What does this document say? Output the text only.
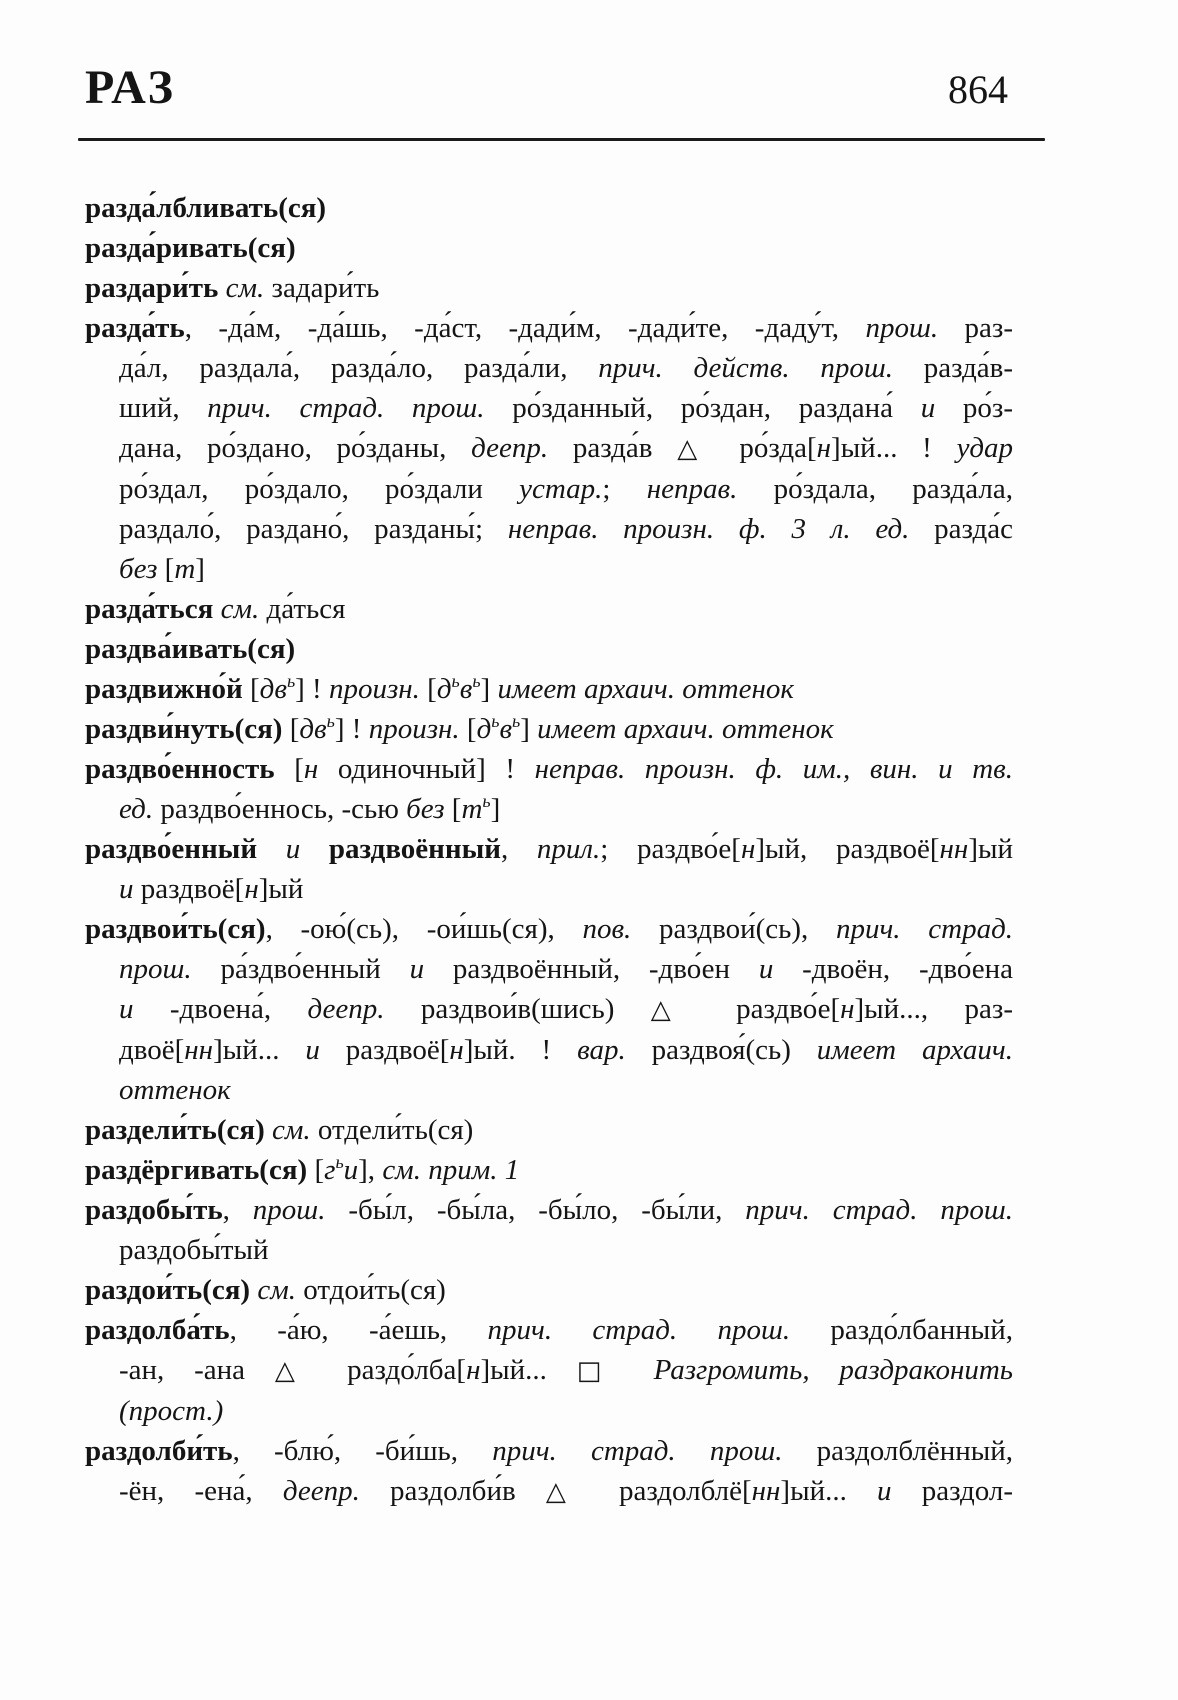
РАЗ	864
разда́лбливать(ся)
разда́ривать(ся)
раздари́ть см. задари́ть
разда́ть, -да́м, -да́шь, -да́ст, -дади́м, -дади́те, -даду́т, прош. раз-
да́л, раздала́, разда́ло, разда́ли, прич. действ. прош. разда́в-
ший, прич. страд. прош. ро́зданный, ро́здан, раздана́ и ро́з-
дана, ро́здано, ро́зданы, деепр. разда́в △ ро́зда[н]ый... ! удар
ро́здал, ро́здало, ро́здали устар.; неправ. ро́здала, разда́ла,
раздало́, раздано́, разданы́; неправ. произн. ф. 3 л. ед. разда́с
без [т]
разда́ться см. да́ться
раздва́ивать(ся)
раздвижно́й $[дв^ь]$ ! произн. $[д^ьв^ь]$ имеет архаич. оттенок
раздви́нуть(ся) $[дв^ь]$ ! произн. $[д^ьв^ь]$ имеет архаич. оттенок
раздво́енность [н одиночный] ! неправ. произн. ф. им., вин. и тв.
ед. раздво́еннось, -сью без $[т^ь]$
раздво́енный и раздвоённый, прил.; раздво́е[н]ый, раздвоё[нн]ый
и раздвоё[н]ый
раздвои́ть(ся), -ою́(сь), -ои́шь(ся), пов. раздвои́(сь), прич. страд.
прош. ра́здво́енный и раздвоённый, -дво́ен и -двоён, -дво́ена
и -двоена́, деепр. раздвои́в(шись) △ раздво́е[н]ый..., раз-
двоё[нн]ый... и раздвоё[н]ый. ! вар. раздвоя́(сь) имеет архаич.
оттенок
раздели́ть(ся) см. отдели́ть(ся)
раздёргивать(ся) $[г^ьи]$, см. прим. 1
раздобы́ть, прош. -бы́л, -бы́ла, -бы́ло, -бы́ли, прич. страд. прош.
раздобы́тый
раздои́ть(ся) см. отдои́ть(ся)
раздолба́ть, -а́ю, -а́ешь, прич. страд. прош. раздо́лбанный,
-ан, -ана △ раздо́лба[н]ый... □ Разгромить, раздраконить
(прост.)
раздолби́ть, -блю́, -би́шь, прич. страд. прош. раздолблённый,
-ён, -ена́, деепр. раздолби́в △ раздолблё[нн]ый... и раздол-
